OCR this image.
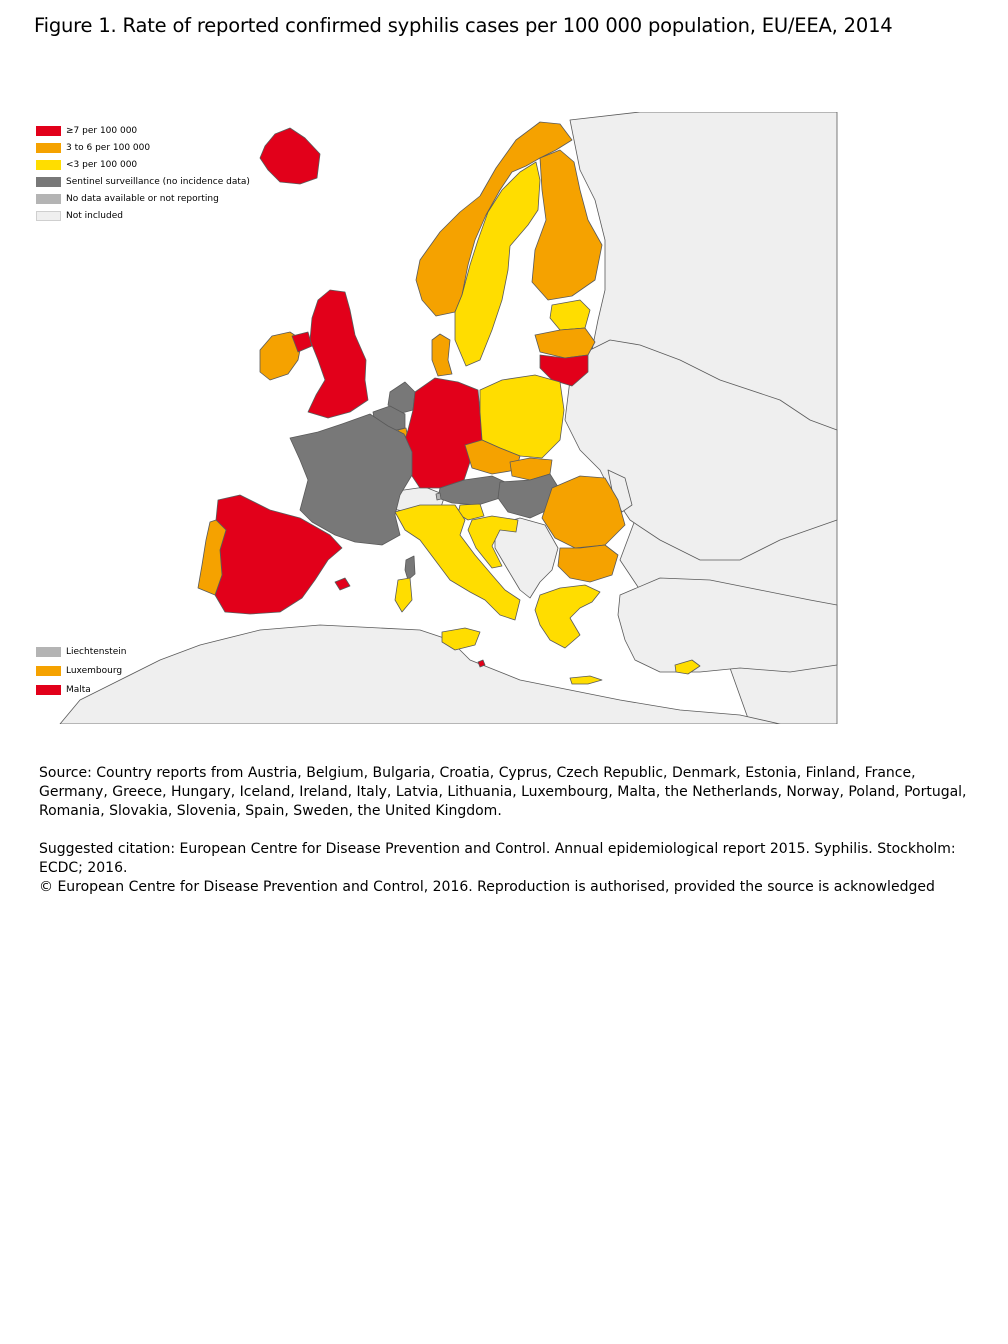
Figure 1. Rate of reported confirmed syphilis cases per 100 000 population, EU/EEA, 2014
≥7 per 100 000
3 to 6 per 100 000
<3 per 100 000
Sentinel surveillance (no incidence data)
No data available or not reporting
Not included
Liechtenstein
Luxembourg
Malta

Source: Country reports from Austria, Belgium, Bulgaria, Croatia, Cyprus, Czech Republic, Denmark, Estonia, Finland, France, Germany, Greece, Hungary, Iceland, Ireland, Italy, Latvia, Lithuania, Luxembourg, Malta, the Netherlands, Norway, Poland, Portugal, Romania, Slovakia, Slovenia, Spain, Sweden, the United Kingdom.

Suggested citation: European Centre for Disease Prevention and Control. Annual epidemiological report 2015. Syphilis. Stockholm: ECDC; 2016.

© European Centre for Disease Prevention and Control, 2016. Reproduction is authorised, provided the source is acknowledged
